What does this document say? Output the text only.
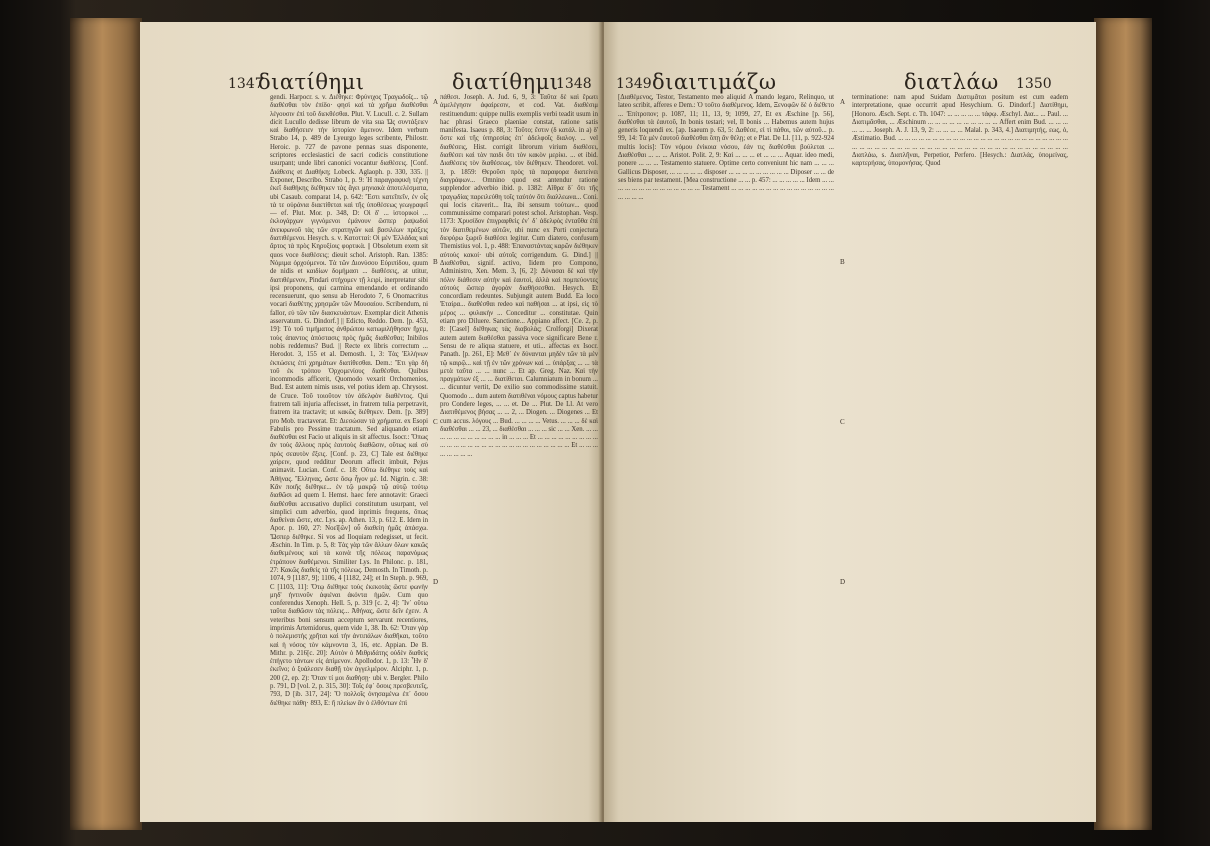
1347
διατίθημι	διατίθημι
1348
gendi. Harpocr. s. v. Διέθηκε: Φρύνιχος Τραγωδοῖς... τῷ διαθέσθαι τὸν ἐπίδο· φησὶ καὶ τὰ χρῆμα διαθέσθαι λέγουσιν ἐπὶ τοῦ διεκθέσθαι. Plut. V. Lucull. c. 2. Sullam dicit Lucullo dedisse librum de vita sua Ὡς συντάξειεν καὶ διαθήσειεν τὴν ἱστορίαν ἄμεινον. Idem verbum Strabo 14, p. 489 de Lyeurgo leges scribente, Philostr. Heroic. p. 727 de pavone pennas suas disponente, scriptores ecclesiastici de sacri codicis constitutione usurpant; unde libri canonici vocantur διαθέσεις. [Conf. Διάθεσις et Διαθήκη; Lobeck. Aglaoph. p. 330, 335. || Exponer, Describo. Strabo 1, p. 9: Ἡ παραγραφικὴ τέχνη ἐκεῖ διαθήκης διέθηκεν τὰς ἄγει μηνιακὰ ἀποτελέσματα, ubi Casaub. comparat 14, p. 642: Ἔστι κατεῖπεῖν, ἐν οἷς τὰ τε οὐράνια διαετίθεται καὶ τῆς ὑποθέσεως γεωγραφεῖ — ef. Plut. Mor. p. 348, D: Οἱ δ' ... ἱστορικοὶ ... ἐκλογάρχων γιγνόμενοι ἐμάνουν ὥσπερ ῥαψωδοὶ ἀνεκφωνοῦ τὰς τῶν στρατηγῶν καὶ βασιλέων πράξεις διατιθέμενοι. Hesych. s. v. Κατοτταί: Οἱ μὲν Ἑλλάδας καὶ ἄρτος τὰ πρὸς Κηρυξίοις φορτικὰ. || Obsoletum exem sit quos voce διαθέσεις; dieuit schol. Aristoph. Ran. 1385: Νόμιμα ὀρχούμενοι. Tὰ τῶν Διονύσου Εὐριπίδου, quum de nidis et καιδίων δομήμασι ... διαθέσεις, at utitur, διατιθέμενον, Pindari στήχομεν τῇ λειρί, inerpretatur sibi ipsi proponens, qui carmina emendando et ordinando recensuerunt, quo sensu ab Herodoto 7, 6 Onomacritus vocari διαθέτης χρησμῶν τῶν Μουσαίου. Scribendum, ni fallor, εὐ τῶν τῶν διασκευάστων. Exemplar dicit Athenis asservatum. G. Dindorf.] || Edicto, Reddo. Dem. [p. 453, 19]: Τὸ τοῦ τιμήματος ἀνθρώπου κατωμιλήθησαν ἤχεμ, τοὺς ἀπαντος ἀπόστασις πρὸς ἡμᾶς διαθέσθαι; Inibilos nobis reddemus? Bud. || Recte ex libris correctum ... Herodot. 3, 155 et al. Demosth. 1, 3: Τὰς Ἑλλήνων ἐκπώσεις ἐπὶ χρημάτων διατίθεσθαι. Dem.: Ἕτι γὰρ δὴ τοῦ ἐκ τρόπου Ὀρχομενίους διαθέσθαι. Quibus incommodis afficerit, Quomodo vexarit Orchomenios, Bud. Est autem nimis usus, vel potius idem ap. Chrysost. de Cruce. Τοῦ τοιοῦτον τὸν ἀδελφὸν διαθέντος. Qui fratrem tali injuria affecisset, in fratrem tulia perpetravit, fratrem ita tractavit; ut κακῶς διέθηκεν. Dem. [p. 389] pro Mob. tractaverat. Et: Διεσώσαν τὰ χρήματα. ex Esopi Fabulis pro Pessime tractatum. Sed aliquando etiam διαθέσθαι est Facio ut aliquis in sit affectus. Isocr.: Ὅπως ἂν τοὺς ἄλλους πρὸς ἑαυτοὺς διαθῶσιν, οὕτως καὶ σὺ πρὸς σεαυτὸν ἔξεις. [Conf. p. 23, C] Tale est διέθηκε χαίρειν, quod redditur Deorum affecit imbuit, Pejus animavit. Lucian. Conf. c. 18: Οὕτω διέθηκε τοὺς καὶ Ἀθήνας. Ἕλληνας, ὥστε ὅσῳ ἦγον μέ. Id. Nigrin. c. 38: Κἂν ποιῆς διέθηκε... ἐν τῷ μακρῷ τῷ αὐτῷ τούτῳ διαθῶσι ad quem I. Hemst. haec fere annotavit: Graeci διαθέσθαι accusativo duplici constitutum usurpant, vel simplici cum adverbio, quod inprimis frequens, ὅπως διαθείναι ὥστε, etc. Lys. ap. Athen. 13, p. 612. E. Idem in Apor. p. 160, 27: Νοεῖ[ῶν] οὗ διαθείη ἡμᾶς ἀπάσχω. Ὥσπερ διέθηκε. Si vos ad Iloquiam redegisset, ut fecit. Æschin. In Tim. p. 5, 8: Τὰς γὰρ τῶν ἄλλων ὅλων κακῶς διαθεμένους καὶ τὰ κοινὰ τῆς πόλεως παρανόμως ἐτράπουν διαθέμενοι. Similiter Lys. In Philonc. p. 181, 27: Κακῶς διαθεὶς τὰ τῆς πόλεως. Demosth. In Timoth. p. 1074, 9 [1187, 9]; 1106, 4 [1182, 24]; et In Steph. p. 969, C [1103, 11]: Ὅτῳ διέθηκε τοὺς ἐκεκοτὰς ὥστε φωνὴν μηδ' ἡντινοῦν ἀφιέναι ἀκόντα ἡμῶν. Cum quo conferendus Xenoph. Hell. 5, p. 319 [c. 2, 4]: Ἵν᾽ οὕτω ταῦτα διαθῶσιν τὰς πόλεις... Ἀθήνας, ὥστε δεῖν ἐχειν. A veteribus boni sensum acceptum servarunt recentiores, imprimis Artemidorus, quem vide 1, 38. Ib. 62: Ὅταν γὰρ ὁ πολεμιστὴς χρῆται καὶ τὴν ἀντιπάλων διαθῆκαι, τοῦτο καὶ ἡ νόσος τὸν κάμνοντα 3, 16, etc. Appian. De B. Mithr. p. 216[c. 20]: Αὐτὸν ὁ Μιθριδάτης οὐδὲν διαθεὶς ἐπήγετο τάντων εἰς ἀπίμενον. Apollodor. 1, p. 13: Ἦν δ' ἐκεῖνο; ὁ ξυάλεσεν διαθῇ τὸν ἀγγελμέρον. Alciphr. 1, p. 200 (2, ep. 2): Ὅταν τί μοι διαθήσῃ· ubi v. Bergler. Philo p. 791, D [vol. 2, p. 315, 30]: Τοῖς ἐφ᾽ ὅσοις πρεσβευτεῖς, 793, D [ib. 317, 24]: Ὅ πολλοῖς ὀνησαμένω ἐπ᾽ ὅσου διέθηκε πάθη· 893, E: ἢ πλείων ἂν ὁ ἐλθόντων ἐπὶ
A
B
C
D
πάθεσι. Joseph. A. Jud. 6, 9, 3: Ταῦτα δὲ καὶ ἔρωτι ἀμελέγησιν ἀφαίρεσιν, et cod. Vat. διαθέσιμ restituendum: quippe nullis exemplis verbi teadit usum in hac phrasi Graeco plaeniae constat, ratione satis manifesta. Isaeus p. 88, 3: Τοῦτο; ἔστιν (δ κατάλ. in a) δ' ὅστε καὶ τῆς ὑπηρεσίας ἐπ᾽ ἀδελφοῖς διαλογ. ... vel διαθέσεις, Hist. corrigit librorum virium διαθέσει, διαθέσει καὶ τὰν παιδι ὃτι τὸν κακὸν μερίκι. ... et ibid. Διαθέσεις τὸν διαθέσεως, τὸν διέθηκεν. Theodoret. vol. 3, p. 1859: Θεροῦσι πρὸς τὰ παραφορα διατείνει διαγράφων... Omnino quod est antendur ratione supplendor adverbio ibid. p. 1382: Αἴθρα δ᾽ ὅτι τῆς τραγῳδίας παρειλεύθη τοῖς ταὐτόν ὅτι διαλλεωνα... Coni. qui locis citaverit... Ita, ibi sensum τούτων... quod communissime comparari potest schol. Aristophan. Vesp. 1173: Χρυσίδον ἐπιγραφθεὶς ἐν᾽ δ᾽ ἀδελφὸς ἐνταῦθα ἐπὶ τὸν διατιθεμένων αὐτῶν, ubi nunc ex Porti conjectura διεφόρω ξωριῦ διαθέσει legitur. Cum diatero, confusum Themistius vol. 1, p. 488: Ἐπαναστάντας καρῶν διέθηκεν αὐτοὺς κακοί· ubi αὐτοῖς corrigendum. G. Dind.] || Διαθέσθαι, signif. activo, Iidem pro Compono, Administro, Xen. Mem. 3, [6, 2]: Δύνασαι δὲ καὶ τὴν πόλιν διάθεσιν αὐτὴν καὶ ἑαυτοὶ, ἀλλὰ καὶ πομπεύοντες αὐτοὺς ὥσπερ ἀγορὰν διαθήσεσθαι. Hesych. Et concordiam redeuntes. Subjungit autem Budd. Ea loco Ἐταίρα... διαθέσθαι redeo καὶ παθήσαι ... at ipsi, εἰς τὸ μέρος ... φυλακὴν ... Conceditur ... constitutae. Quin etiam pro Diluere. Sanctione... Appiano affect. [Ce. 2, p. 8: [Casel] διέθηκας τὰς διαβολὰς; Crolforgi] Dixerat autem autem διαθέσθαι passiva voce significare Bene r. Sensu de re aliqua statuere, et uti... affectas ex Isocr. Panath. [p. 261, E]: Μεθ᾽ ἐν δύνανται μηδὲν τῶν τὰ μὲν τῷ καιρῷ... καὶ τῇ ἐν τῶν χρόνων καὶ ... ὑπάρξας ... ... τὰ μετὰ ταῦτα ... ... nunc ... Et ap. Greg. Naz. Καὶ τὴν πραγμάτων ἐξ ... ... διατίθεται. Calumniatum in bonum ... ... dicuntur vertit, De exilio suo commodissime statuit. Quomodo ... dum autem διατιθέναι νόμους captus habetur pro Condere leges, ... ... et. De ... Plut. De Ll. At vero Διατιθέμενος βήσας ... ... 2, ... Diogen. ... Diogenes ... Et cum accus. λόγους ... Bud. ... ... ... ... Vetus. ... ... ... δὲ καὶ διαθέσθαι ... ... 23, ... διαθέσθαι ... ... ... sic ... ... Xen. ... ... ... ... ... ... ... ... ... ... ... in ... ... ... Et ... ... ... ... ... ... ... ... ... ... ... ... ... ... ... ... ... ... ... ... ... ... ... ... ... ... ... ... Et ... ... ... ... ... ... ... ...
1349 διαιτιμάζω	διατλάω 1350
[Διαθέμενος, Testor, Testamento meo aliquid A mando legaro, Relinquo, ut lateo scribit, afferes e Dem.: Ὁ τοῦτο διαθέμενος. Idem, Ξενοφῶν δὲ ὁ διέθετο ... Ἐπίτροπον; p. 1087, 11; 11, 13, 9; 1099, 27, Et ex Æschine [p. 56], διαθέσθαι τὰ ἑαυτοῦ, In bonis testari; vel, Il bonis ... Habemus autem hujus generis loquendi ex. [ap. Isaeum p. 63, 5: Δαθέσε, εἰ τὶ πάθοι, τῶν αὐτοῦ... p. 99, 14: Τὰ μὲν ἑαυτοῦ διαθέσθαι ὅπῃ ἂν θέλῃ; et e Plat. De Ll. [11, p. 922-924 multis locis]: Τὸν νόμου ἐνίκοια νόσου, ἐάν τις διαθέσθαι βούλεται ... Διαθέσθαι ... ... ... Aristot. Polit. 2, 9: Καὶ ... ... ... et ... ... ... Aquar. ideo medi, ponere ... ... ... Testamento statuere. Optime certo conveniunt hic nam ... ... ... Gallicus Disposer, ... ... ... ... ... disposer ... ... ... ... ... ... ... ... ... Diposer ... ... de ses biens par testament. [Mea constructione ... ... p. 457: ... ... ... ... ... Idem ... ... ... ... ... ... ... ... ... ... ... ... ... ... Testament ... ... ... ... ... ... ... ... ... ... ... ... ... ... ... ... ... ... ...
A
B
C
D
terminatione: nam apud Suidam Διατιμᾶται positum est cum eadem interpretatione, quae occurrit apud Hesychium. G. Dindorf.] Διατίθημι, [Honoro. Æsch. Sept. c. Th. 1047: ... ... ... ... ... τάφῳ. Æschyl. Δια... ... Paul. ... Διατιμᾶσθαι, ... Æschinum ... ... ... ... ... ... ... ... ... ... Affert enim Bud. ... ... ... ... ... ... Joseph. A. J. 13, 9, 2: ... ... ... ... Malal. p. 343, 4.] Διατιμητής, εως, ὁ, Æstimatio. Bud. ... ... ... ... ... ... ... ... ... ... ... ... ... ... ... ... ... ... ... ... ... ... ... ... ... ... ... ... ... ... ... ... ... ... ... ... ... ... ... ... ... ... ... ... ... ... ... ... ... ... ... ... ... ... Διατλάω, s. Διατλῆναι, Perpetior, Perfero. [Hesych.: Διατλάς, ὑπομείνας, καρτερήσας, ὑπομονήσας. Quod
